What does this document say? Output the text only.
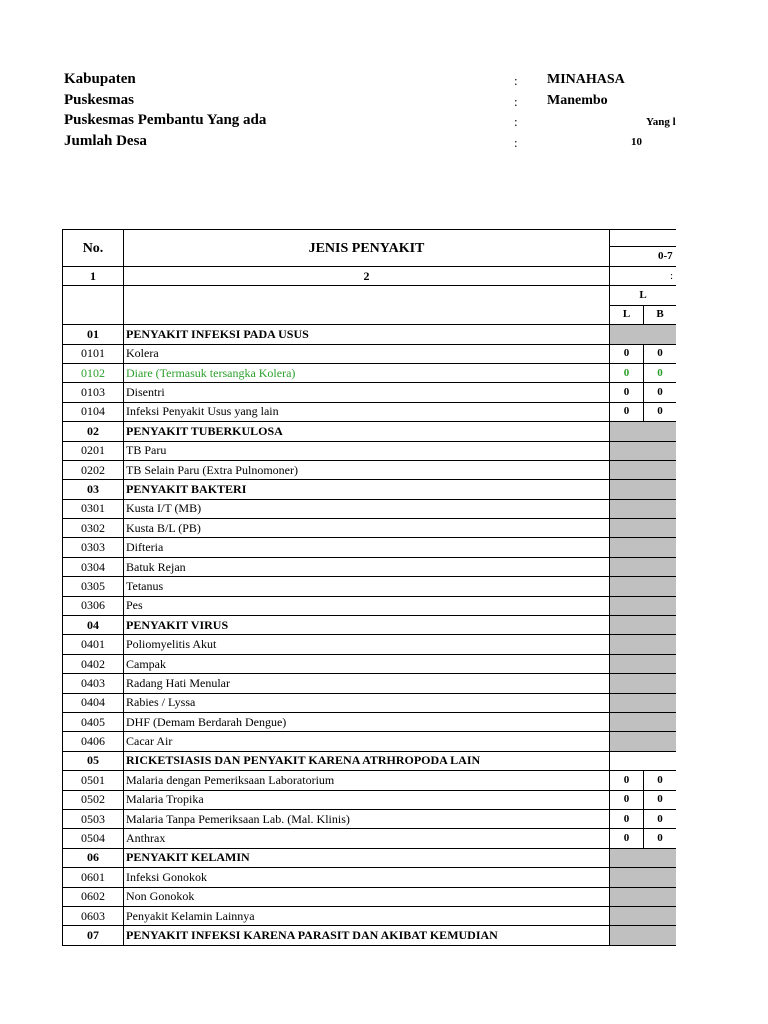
Kabupaten	: MINAHASA
Puskesmas	: Manembo
Puskesmas Pembantu Yang ada	:	Yang l
Jumlah Desa	:	10
No.	JENIS PENYAKIT			
		0-7		
1	2	:		
		L		
		L	B	
01	PENYAKIT INFEKSI PADA USUS			
0101	Kolera	0	0	
0102	Diare (Termasuk tersangka Kolera)	0	0	
0103	Disentri	0	0	
0104	Infeksi Penyakit Usus yang lain	0	0	
02	PENYAKIT TUBERKULOSA			
0201	TB Paru			
0202	TB Selain Paru (Extra Pulnomoner)			
03	PENYAKIT BAKTERI			
0301	Kusta I/T (MB)			
0302	Kusta B/L (PB)			
0303	Difteria			
0304	Batuk Rejan			
0305	Tetanus			
0306	Pes			
04	PENYAKIT VIRUS			
0401	Poliomyelitis Akut			
0402	Campak			
0403	Radang Hati Menular			
0404	Rabies / Lyssa			
0405	DHF (Demam Berdarah Dengue)			
0406	Cacar Air			
05	RICKETSIASIS DAN PENYAKIT KARENA ATRHROPODA LAIN			
0501	Malaria dengan Pemeriksaan Laboratorium	0	0	
0502	Malaria Tropika	0	0	
0503	Malaria Tanpa Pemeriksaan Lab. (Mal. Klinis)	0	0	
0504	Anthrax	0	0	
06	PENYAKIT KELAMIN			
0601	Infeksi Gonokok			
0602	Non Gonokok			
0603	Penyakit Kelamin Lainnya			
07	PENYAKIT INFEKSI KARENA PARASIT DAN AKIBAT KEMUDIAN			
